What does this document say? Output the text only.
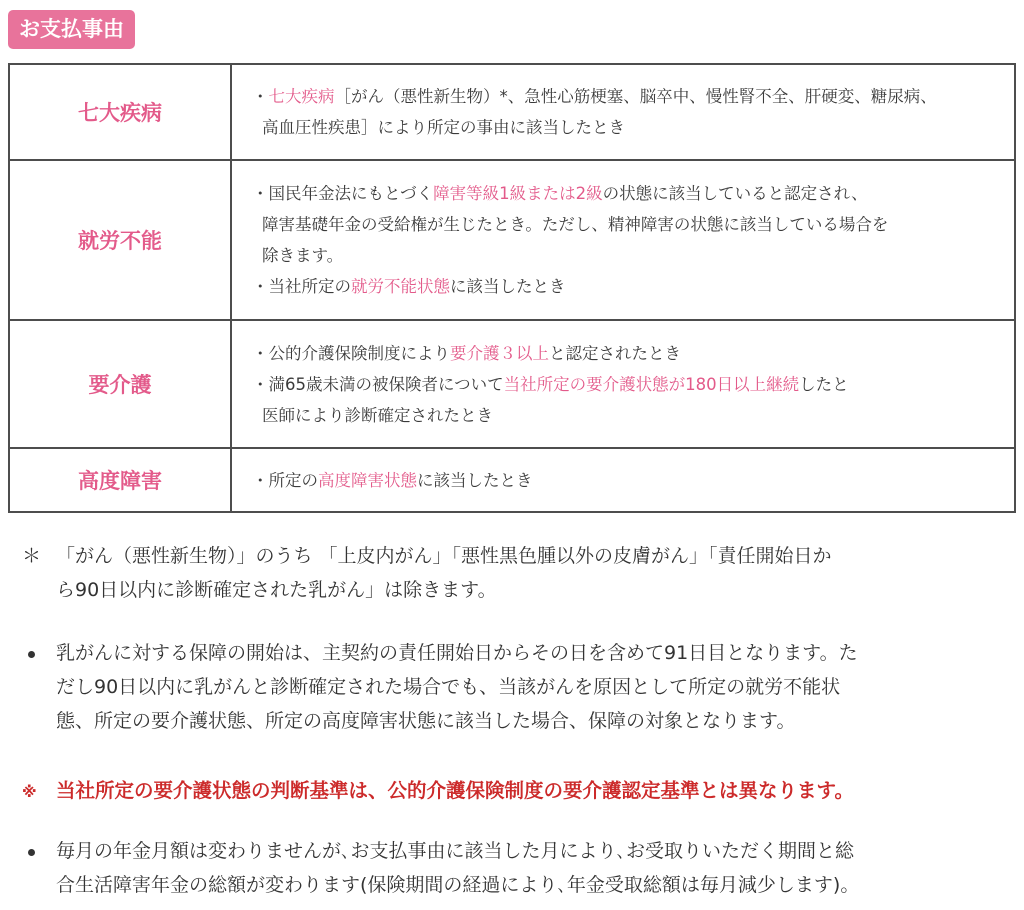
お支払事由
七大疾病	・七大疾病［がん（悪性新生物）*、急性心筋梗塞、脳卒中、慢性腎不全、肝硬変、糖尿病、
高血圧性疾患］により所定の事由に該当したとき

就労不能	・国民年金法にもとづく障害等級1級または2級の状態に該当していると認定され、
障害基礎年金の受給権が生じたとき。ただし、精神障害の状態に該当している場合を
除きます。
・当社所定の就労不能状態に該当したとき

要介護	・公的介護保険制度により要介護３以上と認定されたとき
・満65歳未満の被保険者について当社所定の要介護状態が180日以上継続したと
医師により診断確定されたとき

高度障害	・所定の高度障害状態に該当したとき
＊ 「がん（悪性新生物）」のうち 「上皮内がん」「悪性黒色腫以外の皮膚がん」「責任開始日か
ら90日以内に診断確定された乳がん」は除きます。
乳がんに対する保障の開始は、主契約の責任開始日からその日を含めて91日目となります。た
だし90日以内に乳がんと診断確定された場合でも、当該がんを原因として所定の就労不能状
態、所定の要介護状態、所定の高度障害状態に該当した場合、保障の対象となります。
※ 当社所定の要介護状態の判断基準は、公的介護保険制度の要介護認定基準とは異なります。
毎月の年金月額は変わりませんが､お支払事由に該当した月により､お受取りいただく期間と総
合生活障害年金の総額が変わります(保険期間の経過により､年金受取総額は毎月減少します)｡
